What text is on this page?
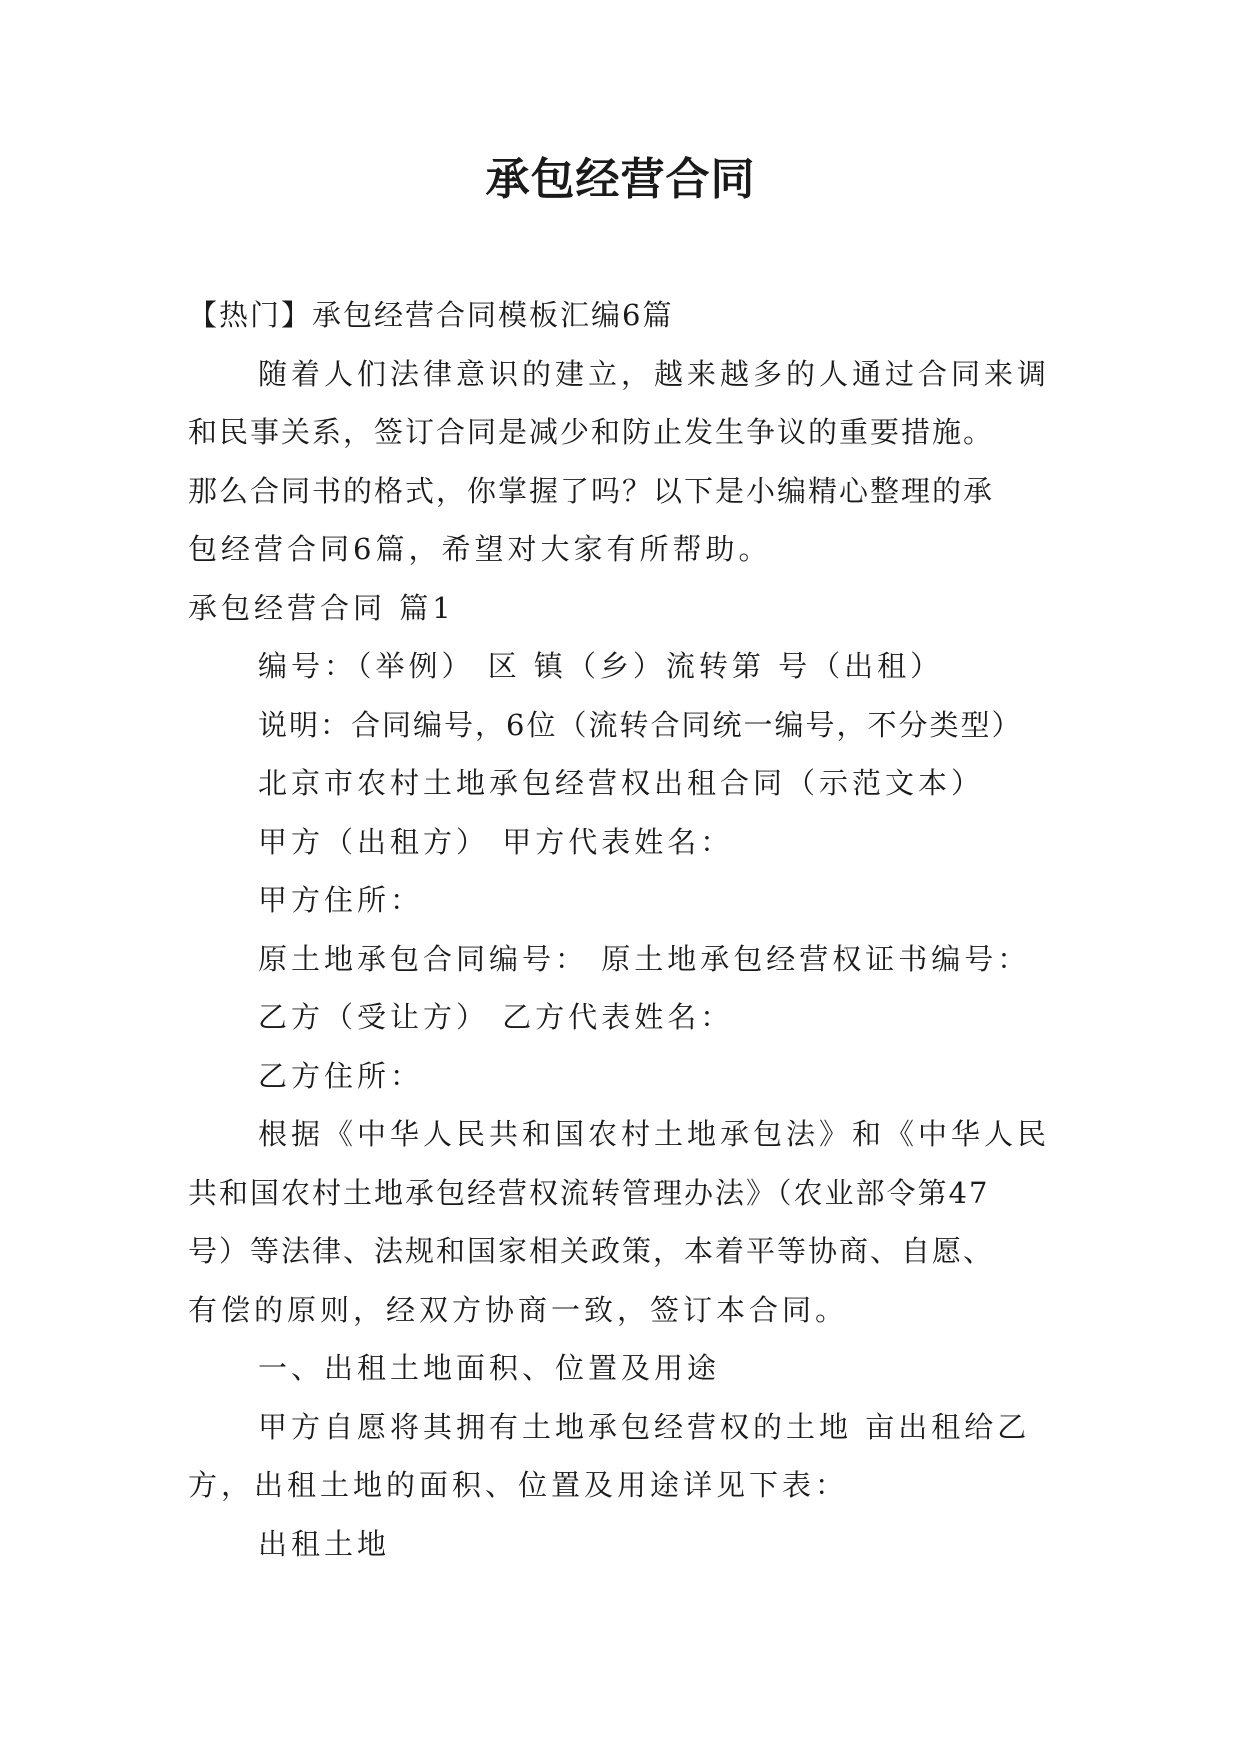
承包经营合同
【热门】承包经营合同模板汇编6篇
随着人们法律意识的建立，越来越多的人通过合同来调
和民事关系，签订合同是减少和防止发生争议的重要措施。
那么合同书的格式，你掌握了吗？以下是小编精心整理的承
包经营合同6篇，希望对大家有所帮助。
承包经营合同 篇1
编号：（举例） 区 镇（乡）流转第 号（出租）
说明：合同编号，6位（流转合同统一编号，不分类型）
北京市农村土地承包经营权出租合同（示范文本）
甲方（出租方） 甲方代表姓名：
甲方住所：
原土地承包合同编号： 原土地承包经营权证书编号：
乙方（受让方） 乙方代表姓名：
乙方住所：
根据《中华人民共和国农村土地承包法》和《中华人民
共和国农村土地承包经营权流转管理办法》（农业部令第47
号）等法律、法规和国家相关政策，本着平等协商、自愿、
有偿的原则，经双方协商一致，签订本合同。
一、出租土地面积、位置及用途
甲方自愿将其拥有土地承包经营权的土地 亩出租给乙
方，出租土地的面积、位置及用途详见下表：
出租土地
